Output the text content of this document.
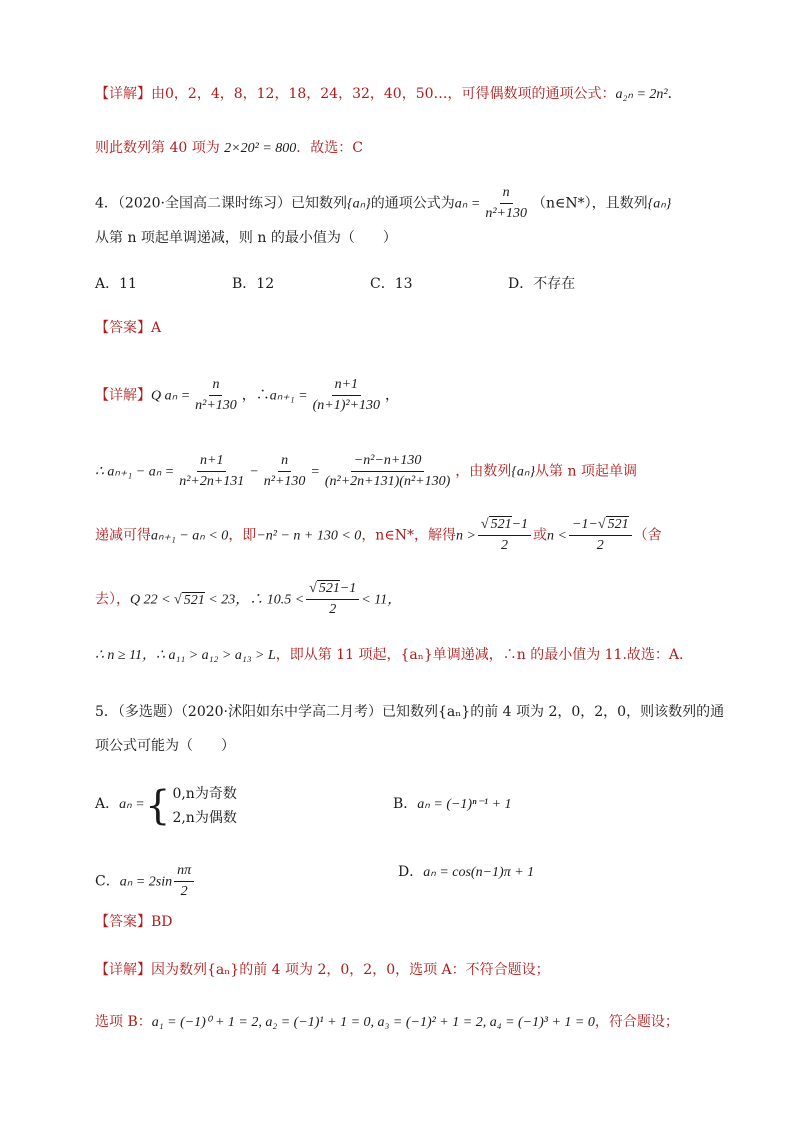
【详解】由0，2，4，8，12，18，24，32，40，50…，可得偶数项的通项公式：a₂ₙ = 2n²．
则此数列第 40 项为 2×20² = 800．故选：C
4．（2020·全国高二课时练习）已知数列{aₙ}的通项公式为$a_n = \frac{n}{\text{n²+130}}$ （n∈N*），且数列{aₙ}
从第 n 项起单调递减，则 n 的最小值为（　　）
A．11	B．12	C．13	D．不存在
【答案】A
【详解】Q $a_n = \frac{n}{\text{n²+130}}$ ，∴aₙ₊₁ = $\frac{n+1}{\text{(n+1)²+130}}$ ，
∴ $a_{n+1} - a_n = \frac{n+1}{\text{n²+2n+131}} - \frac{n}{\text{n²+130}} = \frac{\text{−n²−n+130}}{\text{(n²+2n+131)(n²+130)}}$ ，由数列{aₙ}从第 n 项起单调
递减可得aₙ₊₁ − aₙ < 0，即−n² − n + 130 < 0，n∈N*，解得$n > \frac{√ 521-1}{2}$ 或$n < \frac{-1-√ 521}{2}$ （舍
去），Q 22 < √ 521 < 23，∴ $10.5 < \frac{√ 521-1}{2} < 11$，
∴ n ≥ 11，∴ a₁₁ > a₁₂ > a₁₃ > L，即从第 11 项起，{aₙ}单调递减，∴n 的最小值为 11.故选：A.
5．（多选题）（2020·沭阳如东中学高二月考）已知数列{aₙ}的前 4 项为 2，0，2，0，则该数列的通
项公式可能为（　　）
A．aₙ = { 0,n为奇数
2,n为偶数
B．aₙ = (−1)ⁿ⁻¹ + 1
C．$a_n = 2\sin \frac{n\pi}{2}$	D．aₙ = cos(n−1)π + 1
【答案】BD
【详解】因为数列{aₙ}的前 4 项为 2，0，2，0，选项 A：不符合题设；
选项 B：a₁ = (−1)⁰ + 1 = 2, a₂ = (−1)¹ + 1 = 0, a₃ = (−1)² + 1 = 2, a₄ = (−1)³ + 1 = 0，符合题设；
